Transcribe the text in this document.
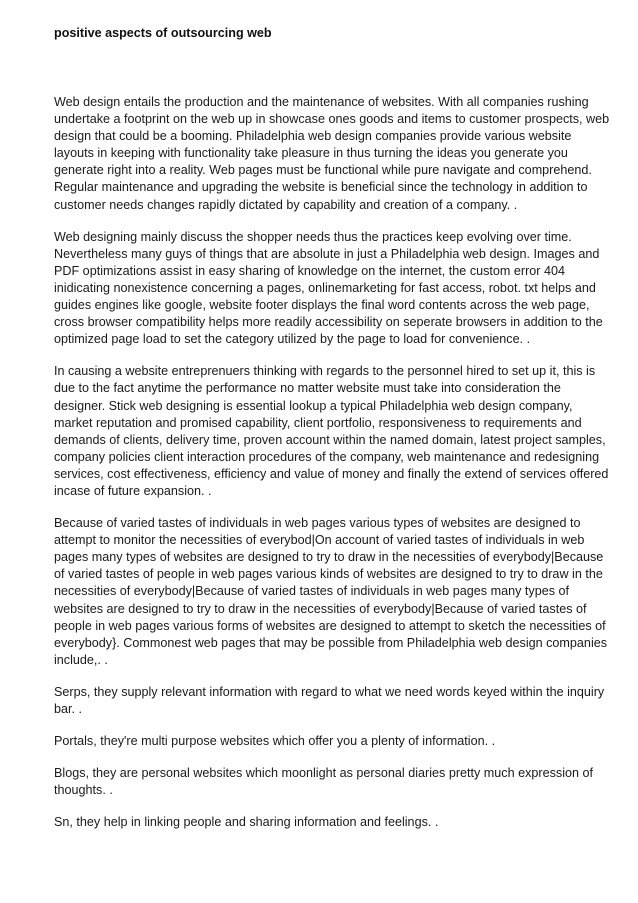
positive aspects of outsourcing web

Web design entails the production and the maintenance of websites. With all companies rushing undertake a footprint on the web up in showcase ones goods and items to customer prospects, web design that could be a booming. Philadelphia web design companies provide various website layouts in keeping with functionality take pleasure in thus turning the ideas you generate you generate right into a reality. Web pages must be functional while pure navigate and comprehend. Regular maintenance and upgrading the website is beneficial since the technology in addition to customer needs changes rapidly dictated by capability and creation of a company. .

Web designing mainly discuss the shopper needs thus the practices keep evolving over time. Nevertheless many guys of things that are absolute in just a Philadelphia web design. Images and PDF optimizations assist in easy sharing of knowledge on the internet, the custom error 404 inidicating nonexistence concerning a pages, onlinemarketing for fast access, robot. txt helps and guides engines like google, website footer displays the final word contents across the web page, cross browser compatibility helps more readily accessibility on seperate browsers in addition to the optimized page load to set the category utilized by the page to load for convenience. .

In causing a website entreprenuers thinking with regards to the personnel hired to set up it, this is due to the fact anytime the performance no matter website must take into consideration the designer. Stick web designing is essential lookup a typical Philadelphia web design company, market reputation and promised capability, client portfolio, responsiveness to requirements and demands of clients, delivery time, proven account within the named domain, latest project samples, company policies client interaction procedures of the company, web maintenance and redesigning services, cost effectiveness, efficiency and value of money and finally the extend of services offered incase of future expansion. .

Because of varied tastes of individuals in web pages various types of websites are designed to attempt to monitor the necessities of everybod|On account of varied tastes of individuals in web pages many types of websites are designed to try to draw in the necessities of everybody|Because of varied tastes of people in web pages various kinds of websites are designed to try to draw in the necessities of everybody|Because of varied tastes of individuals in web pages many types of websites are designed to try to draw in the necessities of everybody|Because of varied tastes of people in web pages various forms of websites are designed to attempt to sketch the necessities of everybody}. Commonest web pages that may be possible from Philadelphia web design companies include,. .

Serps, they supply relevant information with regard to what we need words keyed within the inquiry bar. .

Portals, they're multi purpose websites which offer you a plenty of information. .

Blogs, they are personal websites which moonlight as personal diaries pretty much expression of thoughts. .

Sn, they help in linking people and sharing information and feelings. .
